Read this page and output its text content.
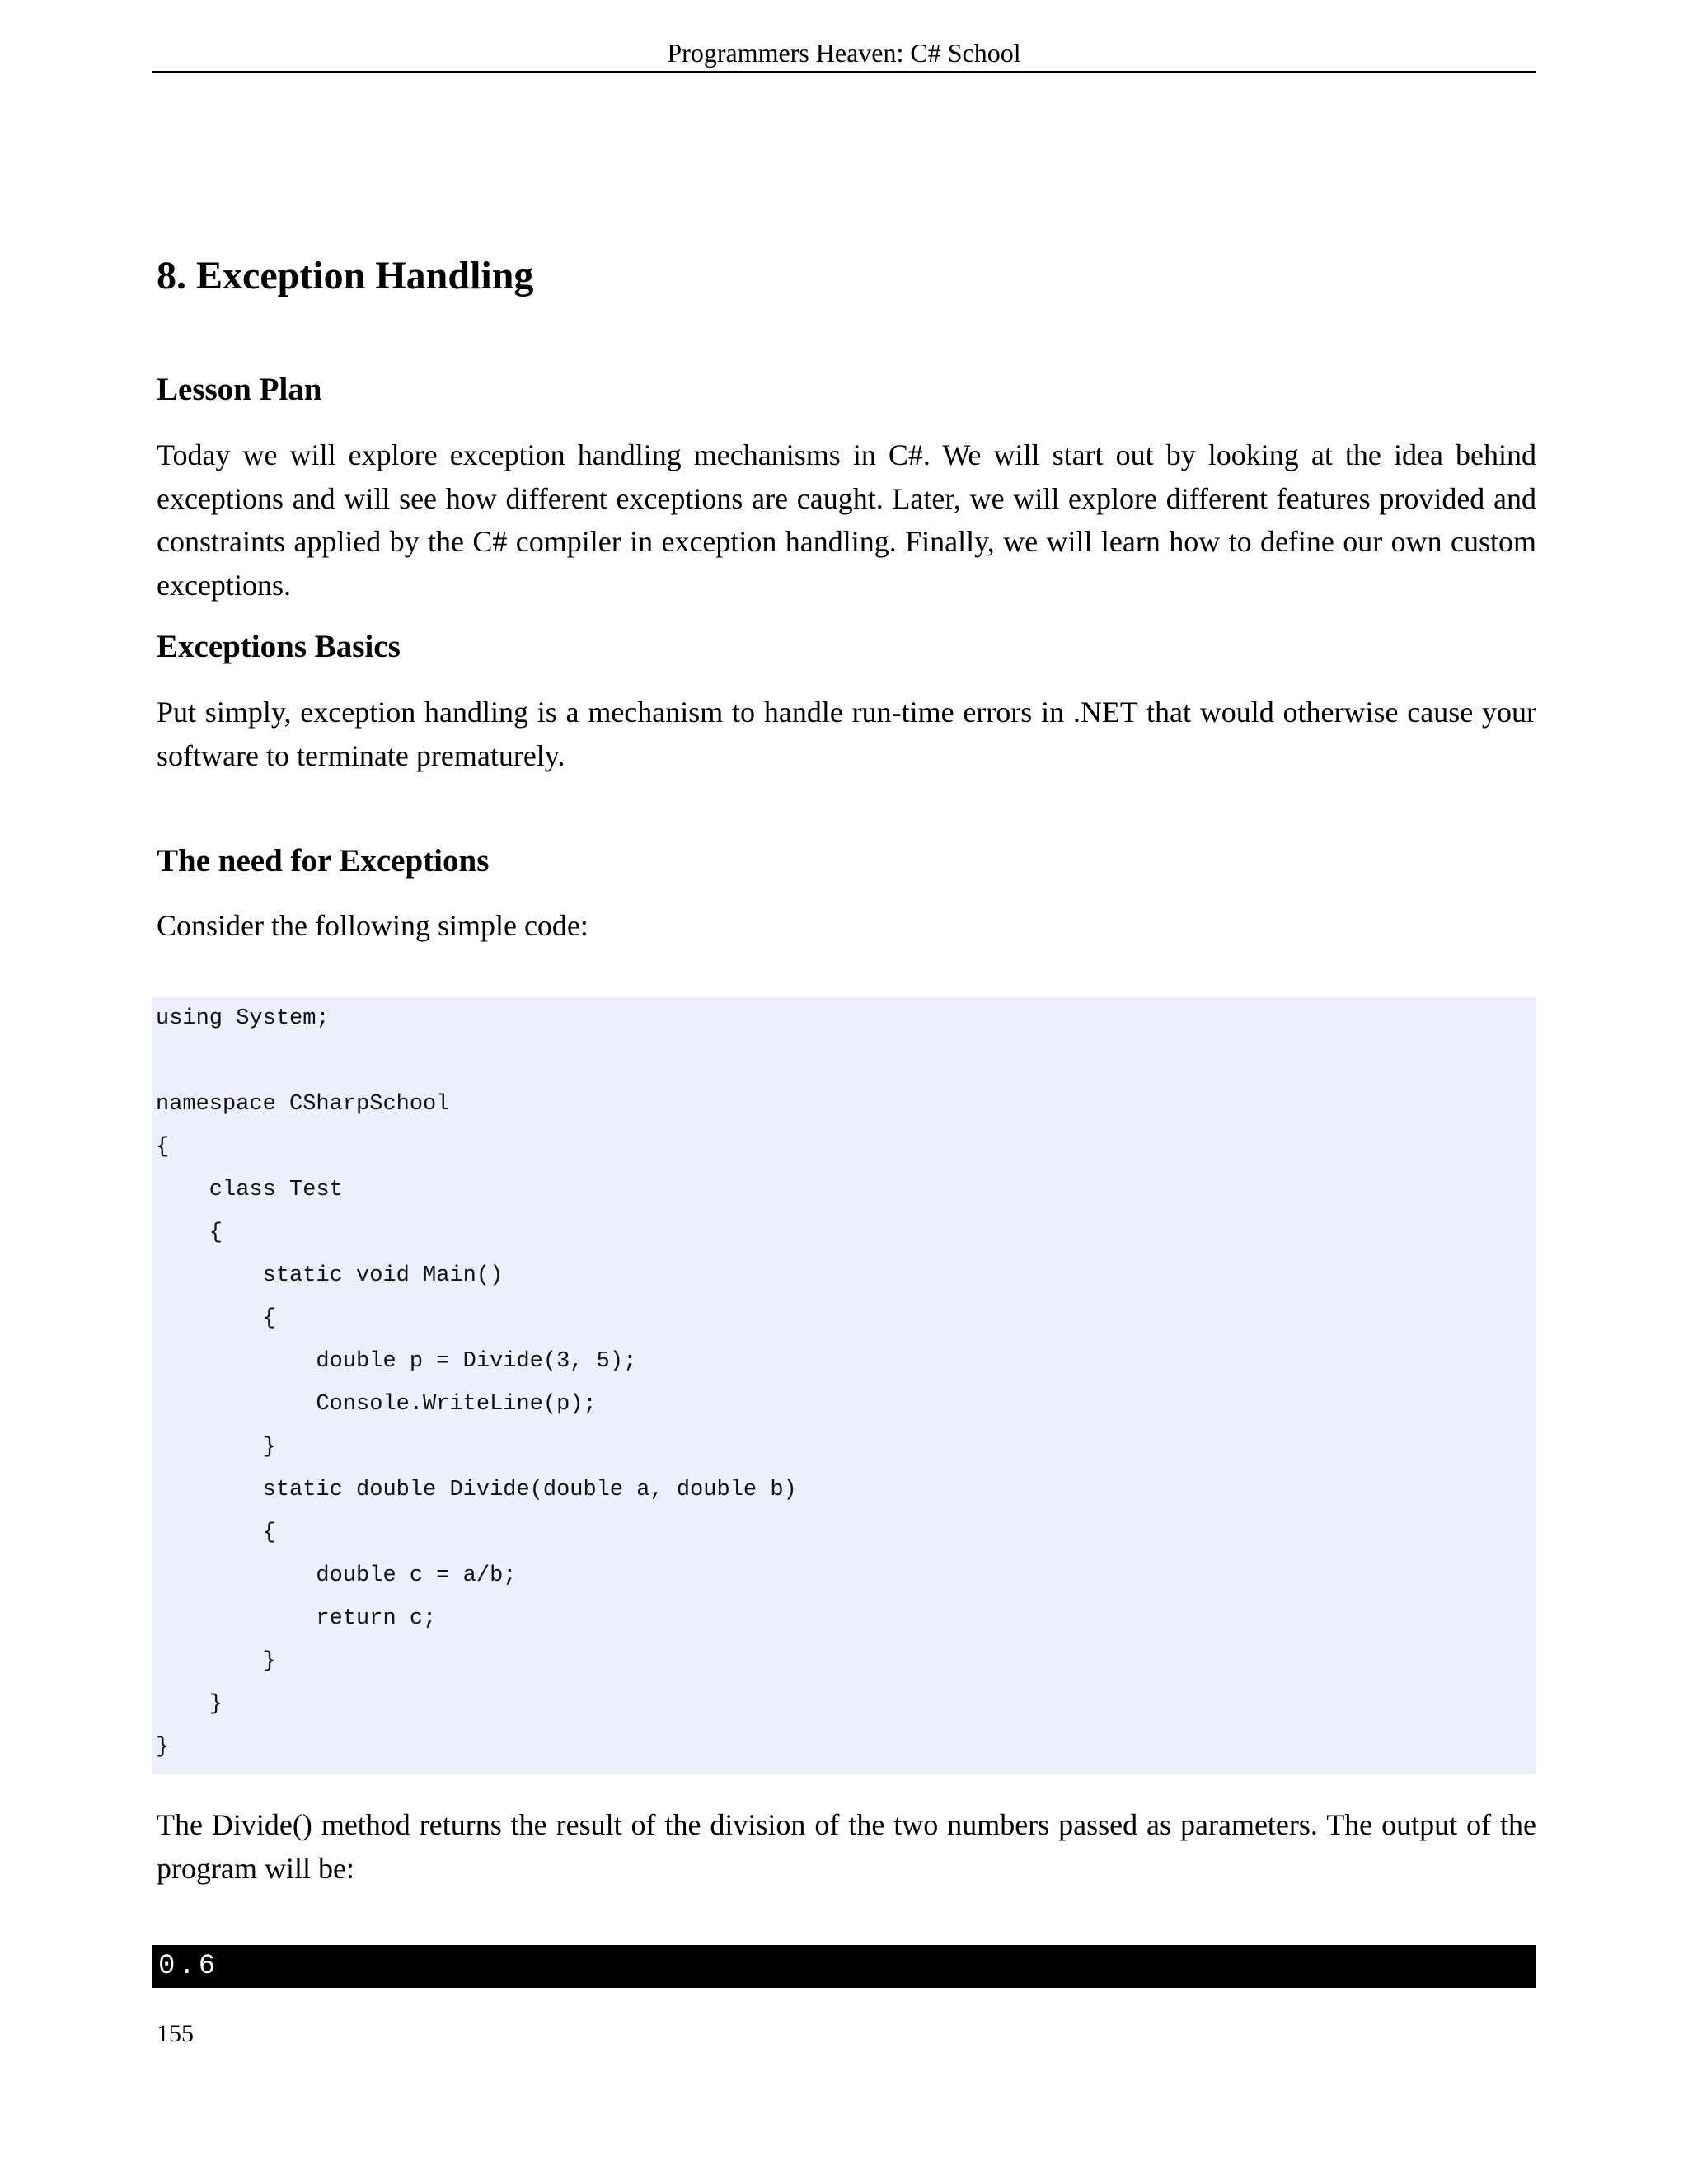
Programmers Heaven: C# School
8. Exception Handling
Lesson Plan

Today we will explore exception handling mechanisms in C#. We will start out by looking at the idea behind exceptions and will see how different exceptions are caught. Later, we will explore different features provided and constraints applied by the C# compiler in exception handling. Finally, we will learn how to define our own custom exceptions.

Exceptions Basics

Put simply, exception handling is a mechanism to handle run-time errors in .NET that would otherwise cause your software to terminate prematurely.

The need for Exceptions

Consider the following simple code:

using System;
namespace CSharpSchool
{
class Test
{
static void Main()
{
double p = Divide(3, 5);
Console.WriteLine(p);
}
static double Divide(double a, double b)
{
double c = a/b;
return c;
}
}
}

The Divide() method returns the result of the division of the two numbers passed as parameters. The output of the program will be:

0.6
155
